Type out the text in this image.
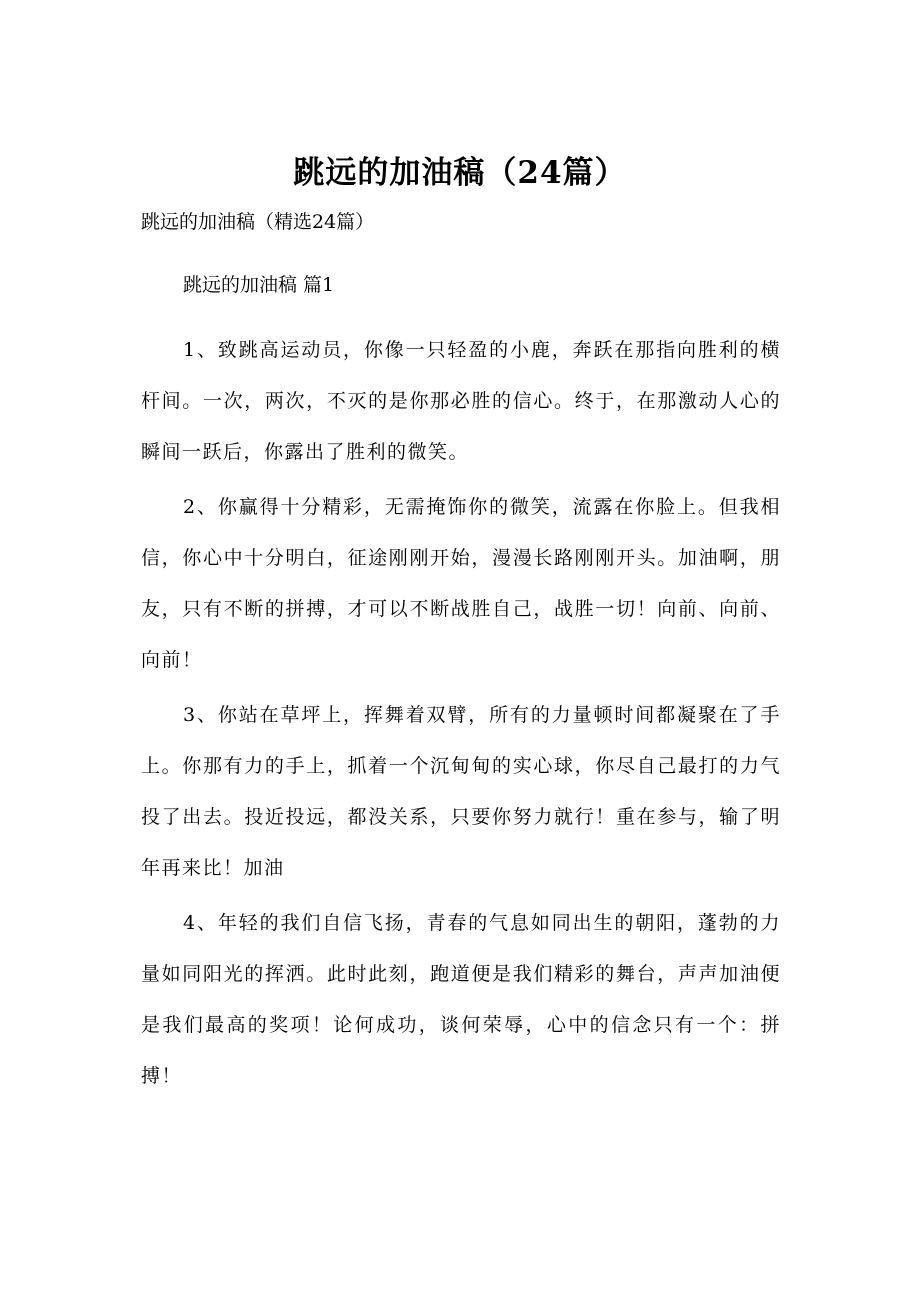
跳远的加油稿（24篇）
跳远的加油稿（精选24篇）
跳远的加油稿 篇1

1、致跳高运动员，你像一只轻盈的小鹿，奔跃在那指向胜利的横杆间。一次，两次，不灭的是你那必胜的信心。终于，在那激动人心的瞬间一跃后，你露出了胜利的微笑。

2、你赢得十分精彩，无需掩饰你的微笑，流露在你脸上。但我相信，你心中十分明白，征途刚刚开始，漫漫长路刚刚开头。加油啊，朋友，只有不断的拼搏，才可以不断战胜自己，战胜一切！向前、向前、向前！

3、你站在草坪上，挥舞着双臂，所有的力量顿时间都凝聚在了手上。你那有力的手上，抓着一个沉甸甸的实心球，你尽自己最打的力气投了出去。投近投远，都没关系，只要你努力就行！重在参与，输了明年再来比！加油

4、年轻的我们自信飞扬，青春的气息如同出生的朝阳，蓬勃的力量如同阳光的挥洒。此时此刻，跑道便是我们精彩的舞台，声声加油便是我们最高的奖项！论何成功，谈何荣辱，心中的信念只有一个：拼搏！
